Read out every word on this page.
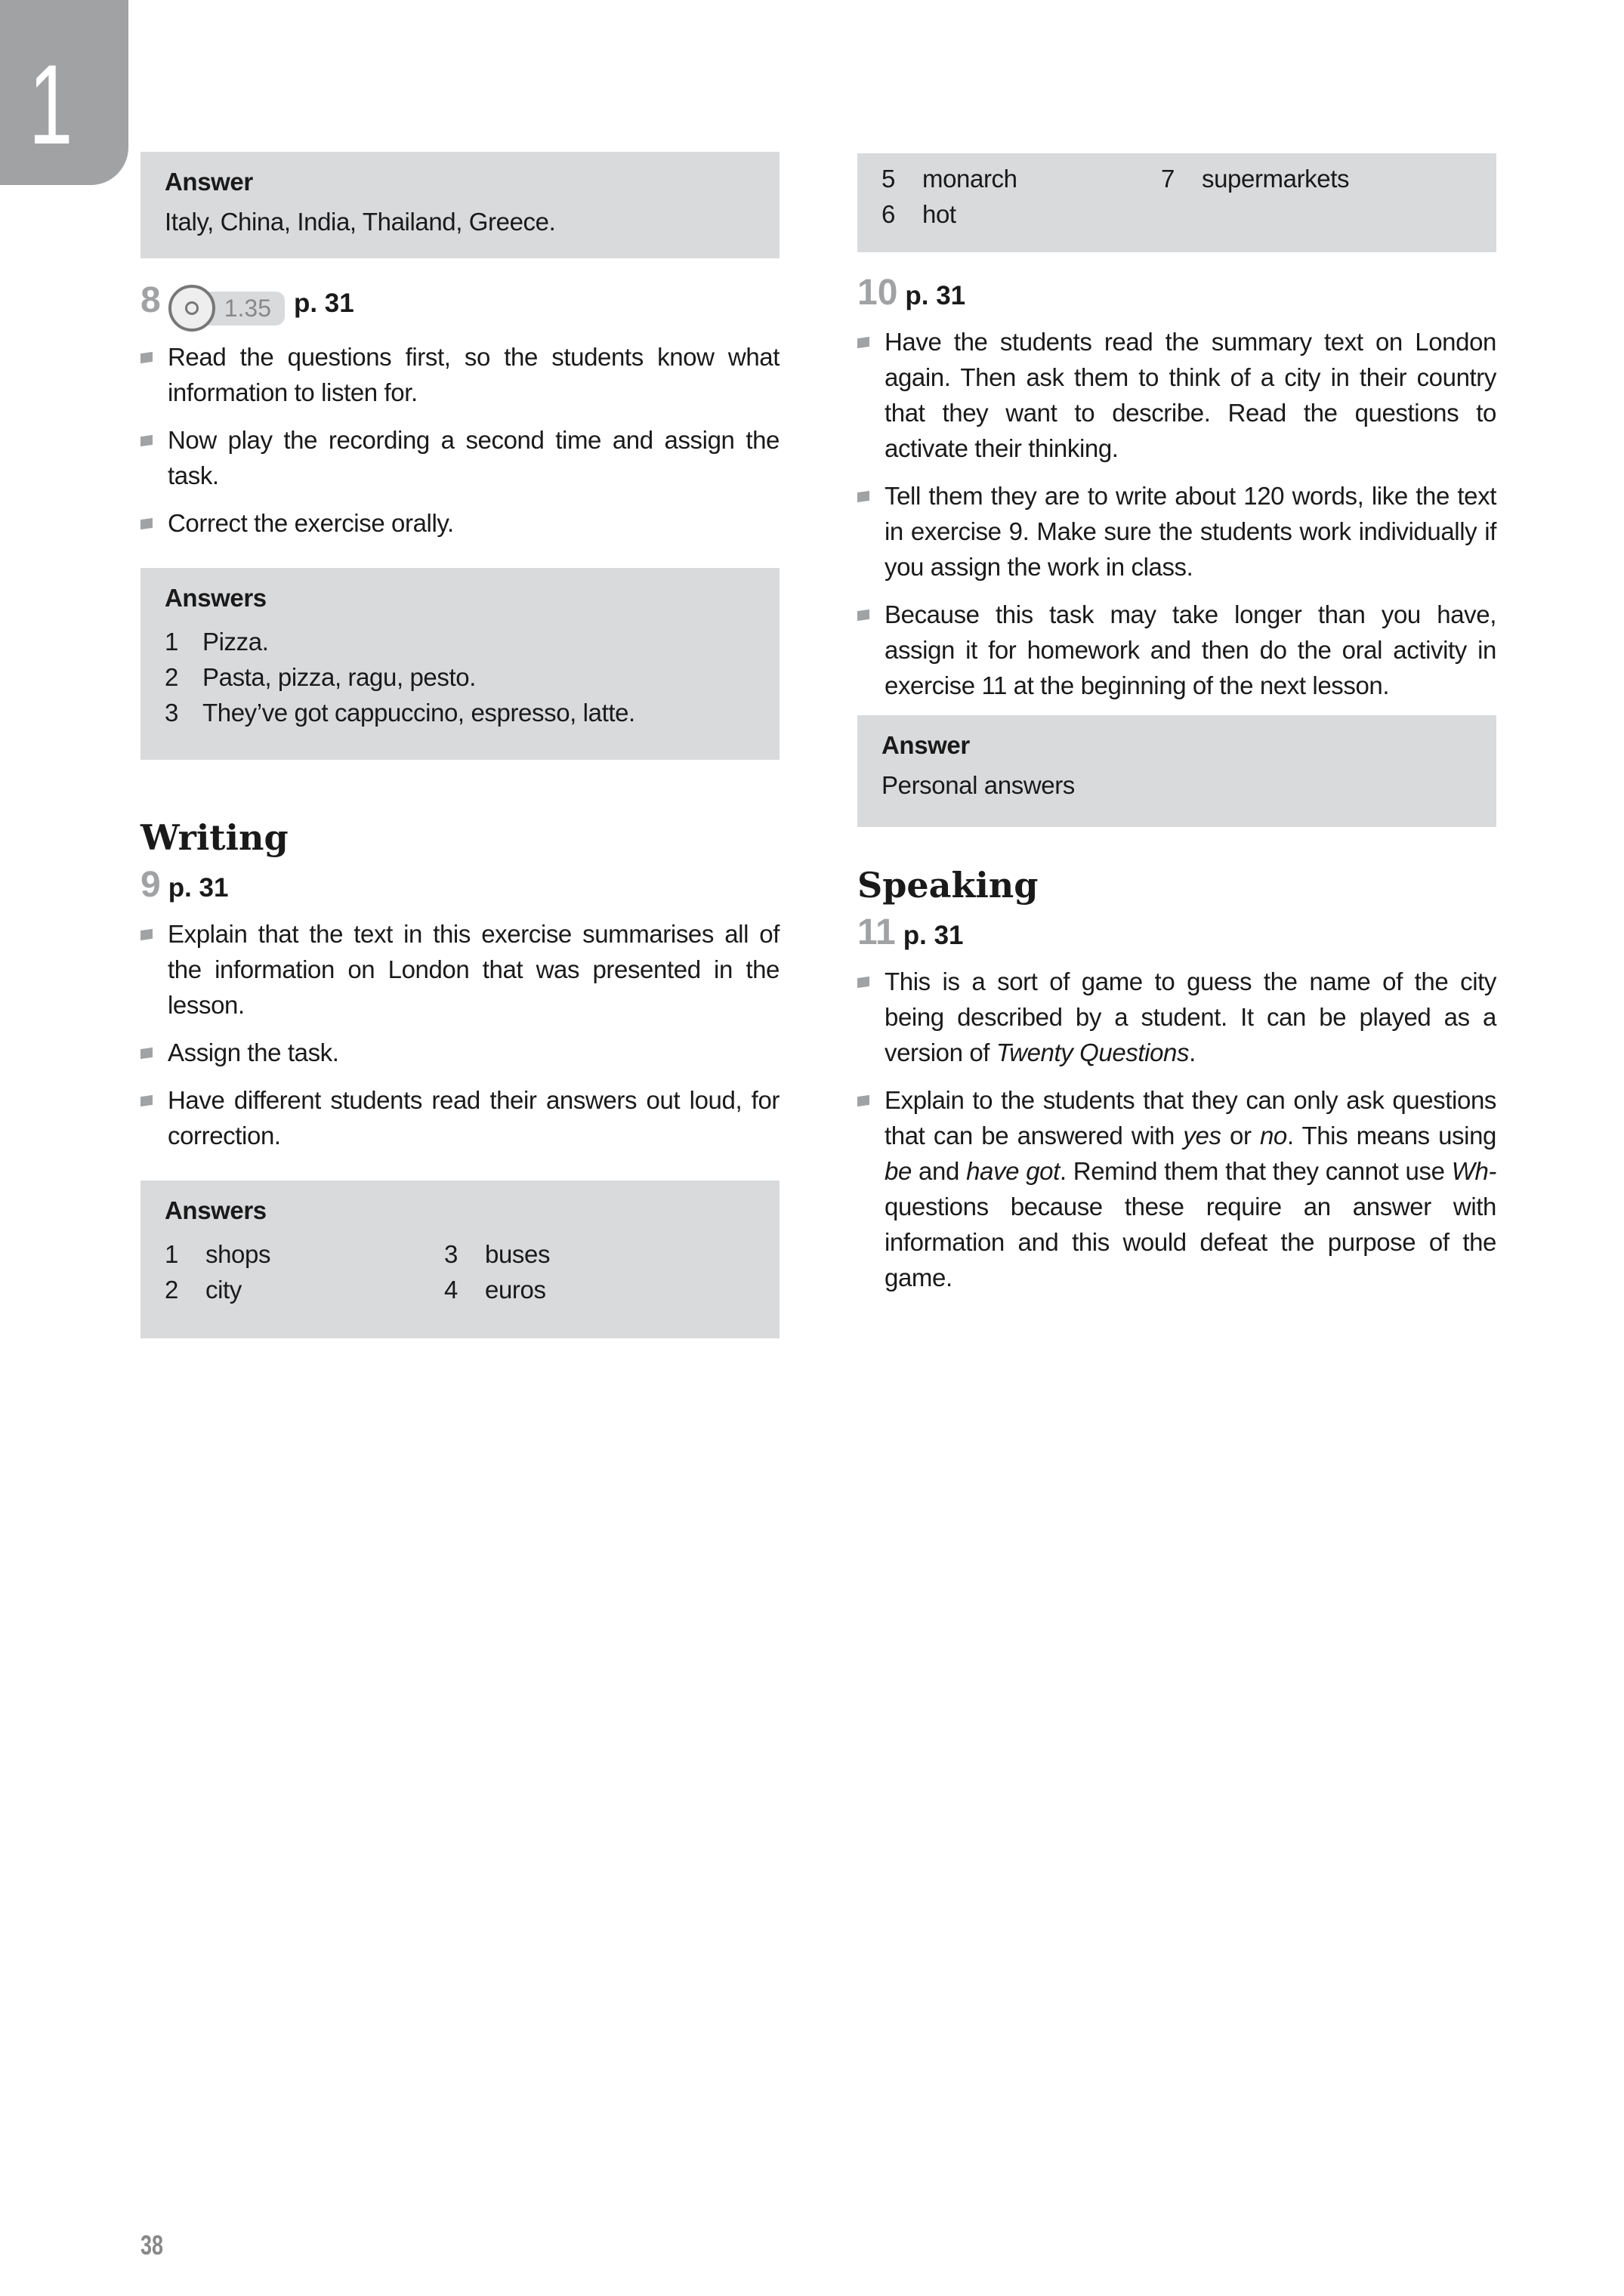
1
Answer
Italy, China, India, Thailand, Greece.
8	1.35 p. 31
Read the questions first, so the students know what information to listen for.
Now play the recording a second time and assign the task.
Correct the exercise orally.
Answers
1 Pizza.
2 Pasta, pizza, ragu, pesto.
3 They’ve got cappuccino, espresso, latte.
Writing
9 p. 31
Explain that the text in this exercise summarises all of the information on London that was presented in the lesson.
Assign the task.
Have different students read their answers out loud, for correction.
Answers
1	shops	3	buses
2	city	4	euros
5	monarch	7	supermarkets
6	hot
10 p. 31
Have the students read the summary text on London again. Then ask them to think of a city in their country that they want to describe. Read the questions to activate their thinking.
Tell them they are to write about 120 words, like the text in exercise 9. Make sure the students work individually if you assign the work in class.
Because this task may take longer than you have, assign it for homework and then do the oral activity in exercise 11 at the beginning of the next lesson.
Answer
Personal answers
Speaking
11 p. 31
This is a sort of game to guess the name of the city being described by a student. It can be played as a version of Twenty Questions.
Explain to the students that they can only ask questions that can be answered with yes or no. This means using be and have got. Remind them that they cannot use Wh- questions because these require an answer with information and this would defeat the purpose of the game.
38
